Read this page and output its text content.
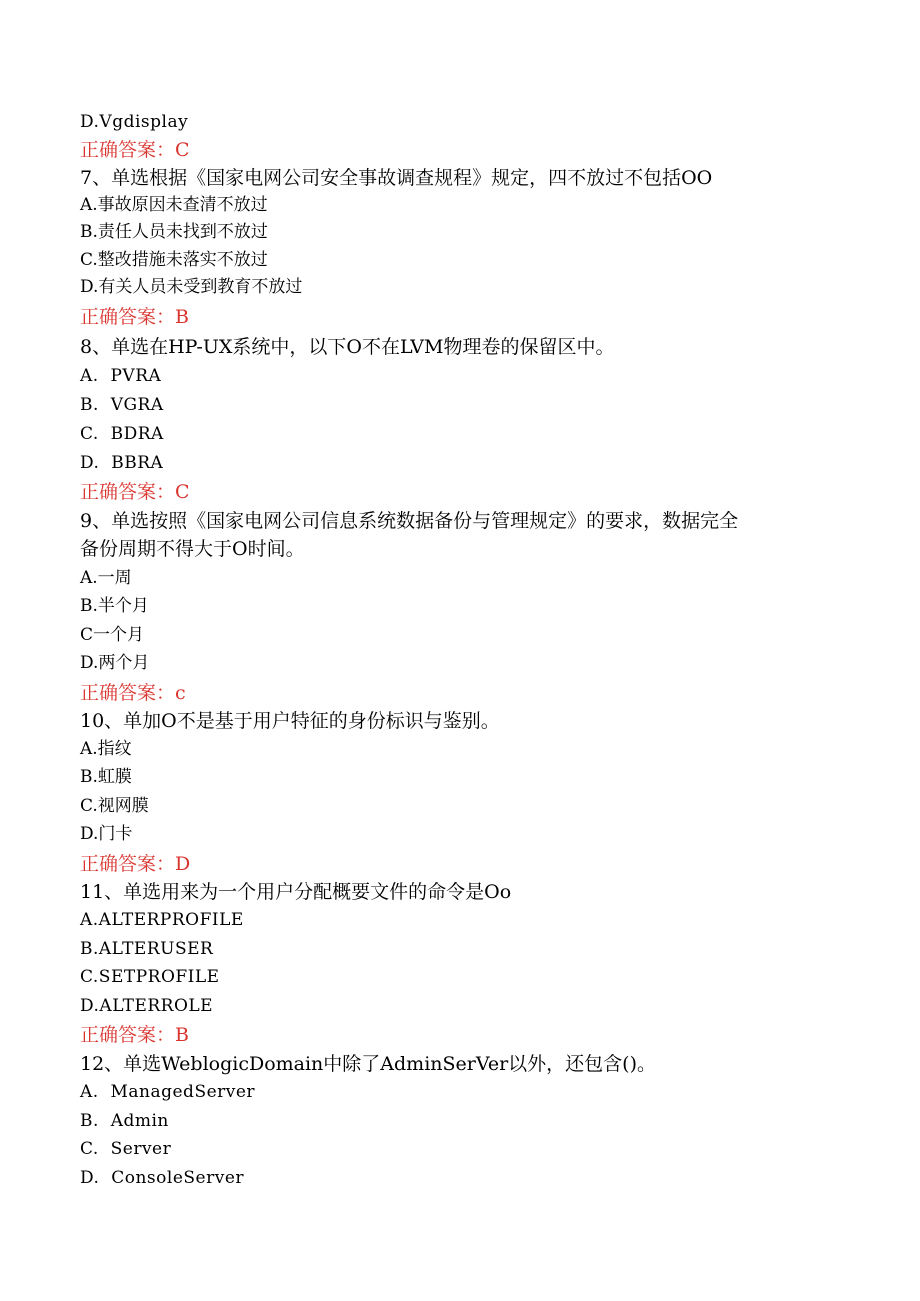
D.Vgdisplay
正确答案：C
7、单选根据《国家电网公司安全事故调查规程》规定，四不放过不包括OO
A.事故原因未查清不放过
B.责任人员未找到不放过
C.整改措施未落实不放过
D.有关人员未受到教育不放过
正确答案：B
8、单选在HP-UX系统中，以下O不在LVM物理卷的保留区中。
A.  PVRA
B.  VGRA
C.  BDRA
D.  BBRA
正确答案：C
9、单选按照《国家电网公司信息系统数据备份与管理规定》的要求，数据完全
备份周期不得大于O时间。
A.一周
B.半个月
C一个月
D.两个月
正确答案：c
10、单加O不是基于用户特征的身份标识与鉴别。
A.指纹
B.虹膜
C.视网膜
D.门卡
正确答案：D
11、单选用来为一个用户分配概要文件的命令是Oo
A.ALTERPROFILE
B.ALTERUSER
C.SETPROFILE
D.ALTERROLE
正确答案：B
12、单选WeblogicDomain中除了AdminSerVer以外，还包含()。
A.  ManagedServer
B.  Admin
C.  Server
D.  ConsoleServer
